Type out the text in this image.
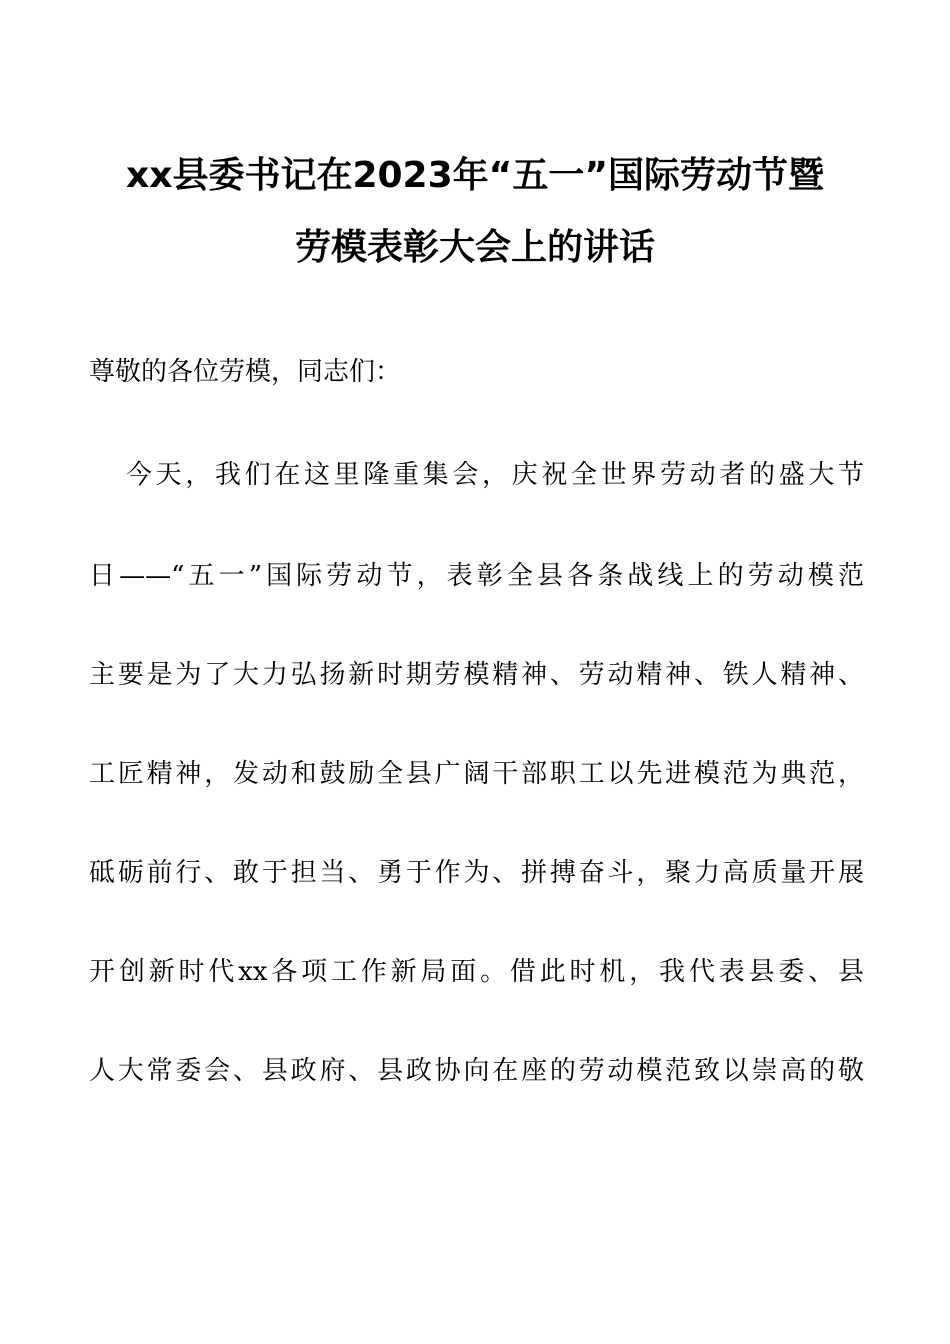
xx县委书记在2023年“五一”国际劳动节暨
劳模表彰大会上的讲话
尊敬的各位劳模，同志们：
今天，我们在这里隆重集会，庆祝全世界劳动者的盛大节
日——“五一”国际劳动节，表彰全县各条战线上的劳动模范
主要是为了大力弘扬新时期劳模精神、劳动精神、铁人精神、
工匠精神，发动和鼓励全县广阔干部职工以先进模范为典范，
砥砺前行、敢于担当、勇于作为、拼搏奋斗，聚力高质量开展
开创新时代xx各项工作新局面。借此时机，我代表县委、县
人大常委会、县政府、县政协向在座的劳动模范致以崇高的敬
